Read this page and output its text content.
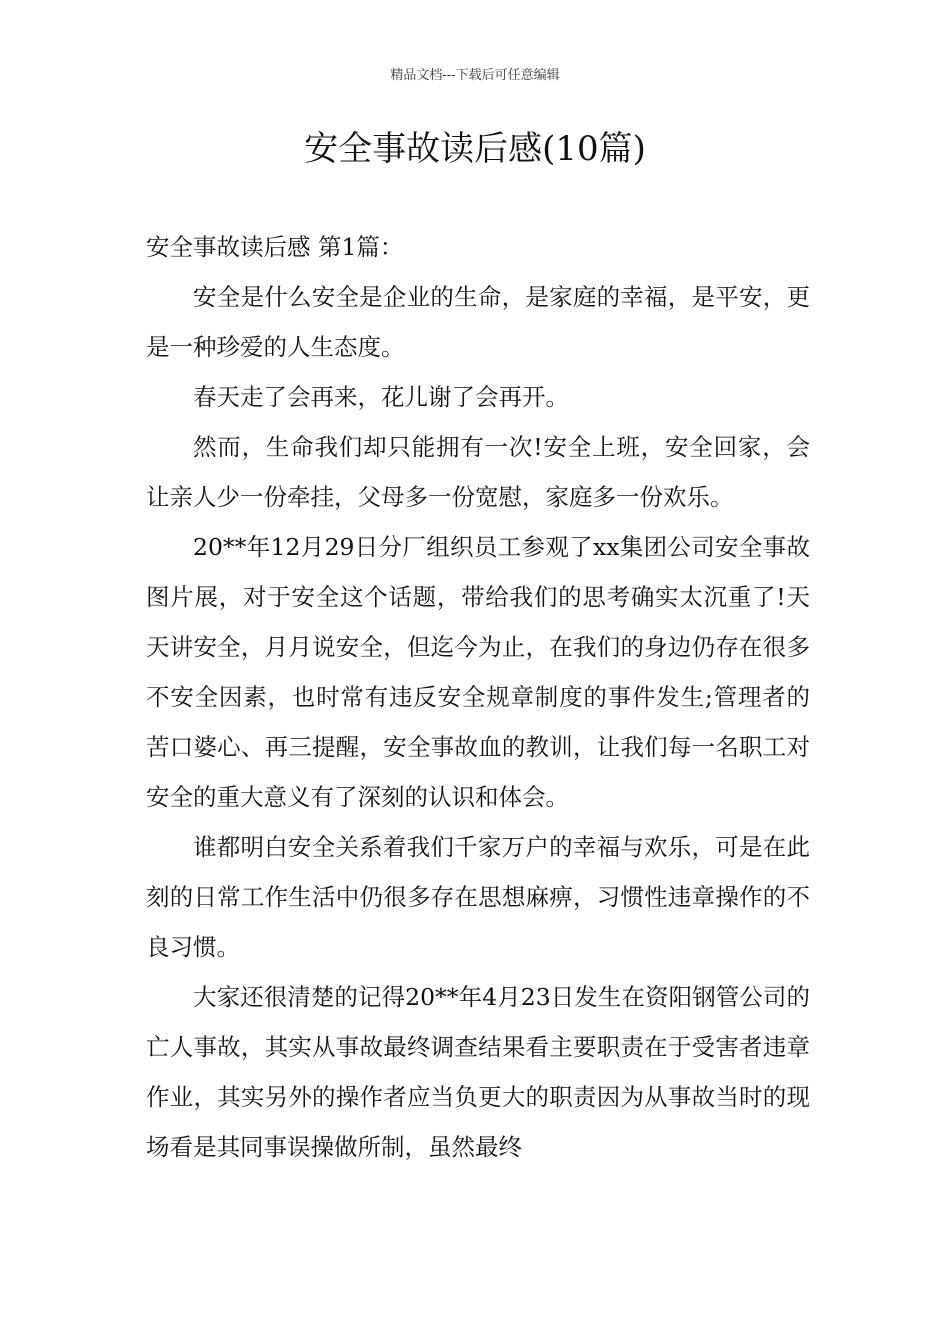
精品文档---下载后可任意编辑
安全事故读后感(10篇)

安全事故读后感 第1篇：

安全是什么安全是企业的生命，是家庭的幸福，是平安，更是一种珍爱的人生态度。

春天走了会再来，花儿谢了会再开。

然而，生命我们却只能拥有一次!安全上班，安全回家，会让亲人少一份牵挂，父母多一份宽慰，家庭多一份欢乐。

20**年12月29日分厂组织员工参观了xx集团公司安全事故图片展，对于安全这个话题，带给我们的思考确实太沉重了!天天讲安全，月月说安全，但迄今为止，在我们的身边仍存在很多不安全因素，也时常有违反安全规章制度的事件发生;管理者的苦口婆心、再三提醒，安全事故血的教训，让我们每一名职工对安全的重大意义有了深刻的认识和体会。

谁都明白安全关系着我们千家万户的幸福与欢乐，可是在此刻的日常工作生活中仍很多存在思想麻痹，习惯性违章操作的不良习惯。

大家还很清楚的记得20**年4月23日发生在资阳钢管公司的亡人事故，其实从事故最终调查结果看主要职责在于受害者违章作业，其实另外的操作者应当负更大的职责因为从事故当时的现场看是其同事误操做所制，虽然最终
